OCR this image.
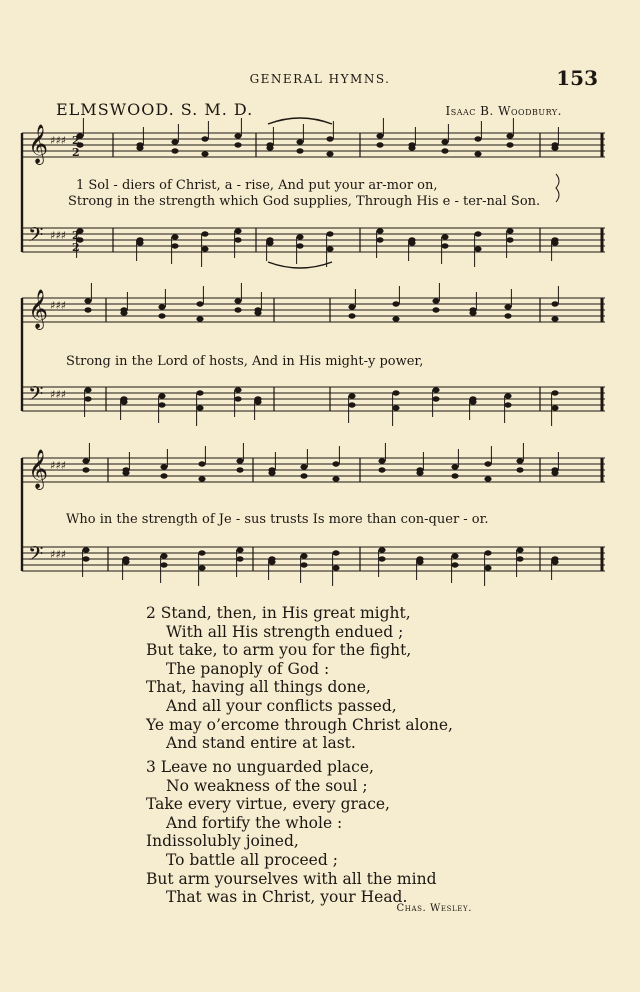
GENERAL HYMNS.	153
ELMSWOOD. S. M. D.	Isaac B. Woodbury.
𝄞
𝄢
♯♯♯
♯♯♯
𝄞
𝄢
♯♯♯
♯♯♯
𝄞
𝄢
♯♯♯
♯♯♯
2
2
2
2
1 Sol - diers of Christ, a - rise, And put your ar-mor on,
Strong in the strength which God supplies, Through His e - ter-nal Son.
Strong in the Lord of hosts, And in His might-y power,
Who in the strength of Je - sus trusts Is more than con-quer - or.
2 Stand, then, in His great might,
With all His strength endued ;
But take, to arm you for the fight,
The panoply of God :
That, having all things done,
And all your conflicts passed,
Ye may o’ercome through Christ alone,
And stand entire at last.
3 Leave no unguarded place,
No weakness of the soul ;
Take every virtue, every grace,
And fortify the whole :
Indissolubly joined,
To battle all proceed ;
But arm yourselves with all the mind
That was in Christ, your Head.
Chas. Wesley.
